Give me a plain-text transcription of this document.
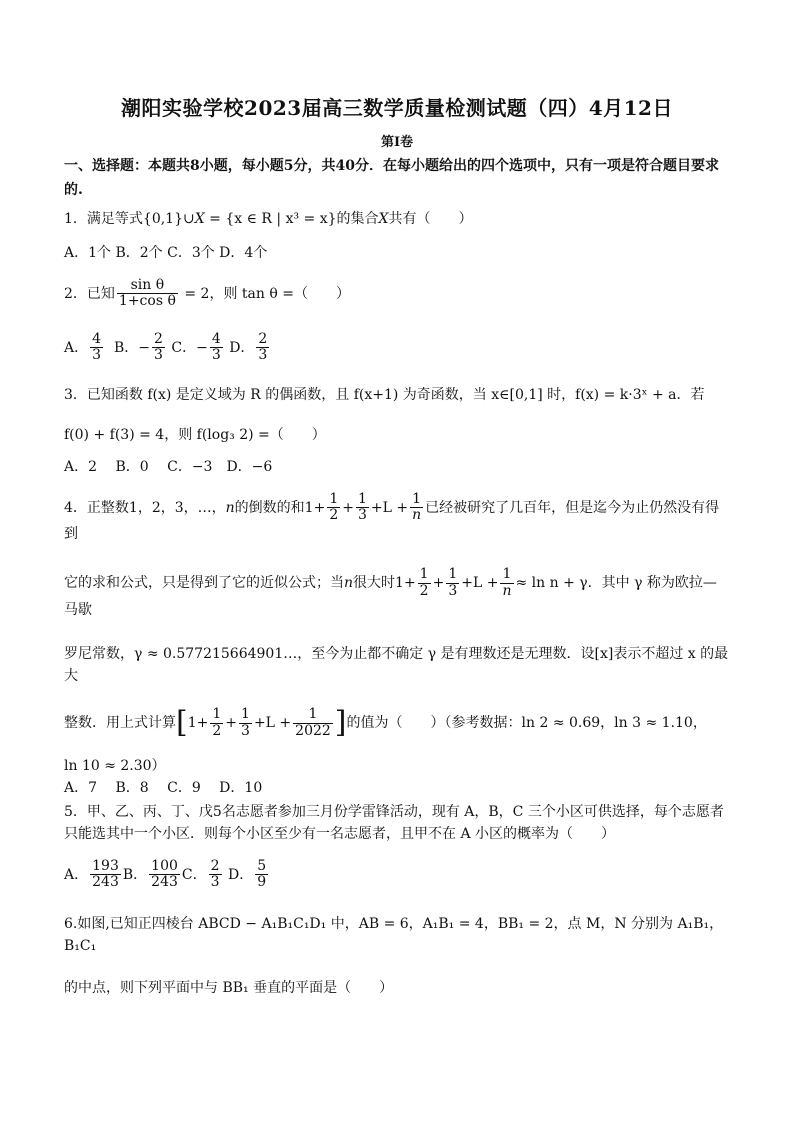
潮阳实验学校2023届高三数学质量检测试题（四）4月12日
第Ⅰ卷

一、选择题：本题共8小题，每小题5分，共40分．在每小题给出的四个选项中，只有一项是符合题目要求的.

1．满足等式{0,1}∪X = {x ∈ R | x³ = x}的集合X共有（　　）

A．1个 B．2个 C．3个 D．4个

2．已知 $\frac{\text{sin θ}}{\text{1+cos θ}} = 2$，则 tan θ =（　　）

A． $\frac{4}{3}$ B．− $\frac{2}{3}$ C．− $\frac{4}{3}$ D． $\frac{2}{3}$

3．已知函数 f(x) 是定义域为 R 的偶函数，且 f(x+1) 为奇函数，当 x∈[0,1] 时，f(x) = k·3ˣ + a．若

f(0) + f(3) = 4，则 f(log₃ 2) =（　　）

A．2　 B．0　 C．−3　D．−6

4．正整数1，2，3，…，n的倒数的和$1+ \frac{1}{2} + \frac{1}{3} +L + \frac{1}{n}$ 已经被研究了几百年，但是迄今为止仍然没有得到

它的求和公式，只是得到了它的近似公式；当n很大时$1+ \frac{1}{2} + \frac{1}{3} +L + \frac{1}{n} \approx \ln n + \gamma$．其中 γ 称为欧拉—马歇

罗尼常数，γ ≈ 0.577215664901…，至今为止都不确定 γ 是有理数还是无理数．设[x]表示不超过 x 的最大

整数．用上式计算[$1+ \frac{1}{2} + \frac{1}{3} +L + \frac{1}{2022}$ ]的值为（　　）（参考数据：ln 2 ≈ 0.69，ln 3 ≈ 1.10，

ln 10 ≈ 2.30）

A．7　 B．8　 C．9　 D．10

5．甲、乙、丙、丁、戊5名志愿者参加三月份学雷锋活动，现有 A，B，C 三个小区可供选择，每个志愿者

只能选其中一个小区．则每个小区至少有一名志愿者，且甲不在 A 小区的概率为（　　）

A． $\frac{193}{243}$ B． $\frac{100}{243}$ C． $\frac{2}{3}$ D． $\frac{5}{9}$

6.如图,已知正四棱台 ABCD − A₁B₁C₁D₁ 中，AB = 6，A₁B₁ = 4，BB₁ = 2，点 M，N 分别为 A₁B₁，B₁C₁

的中点，则下列平面中与 BB₁ 垂直的平面是（　　）
